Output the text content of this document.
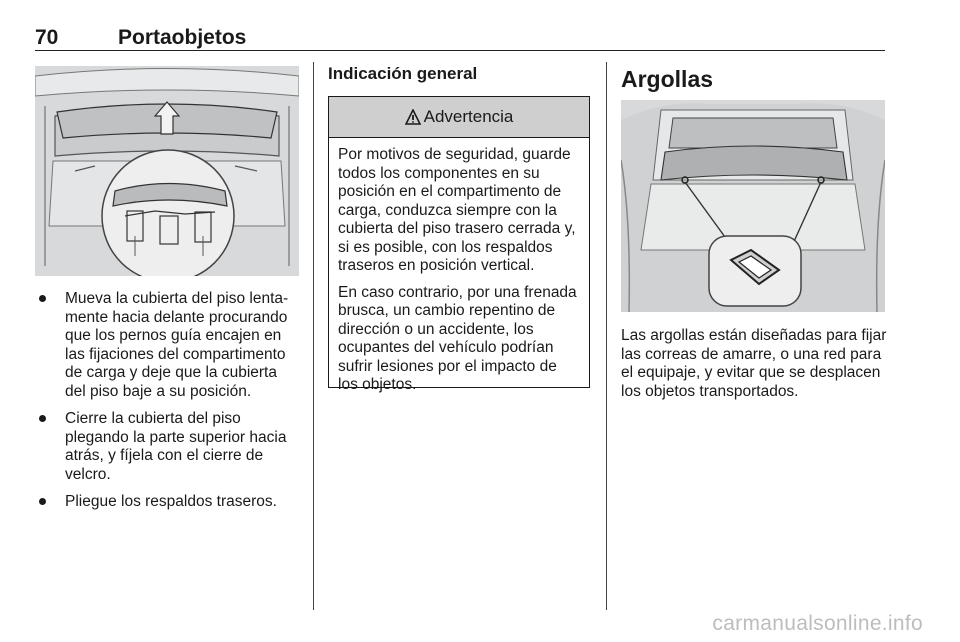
70	Portaobjetos
Mueva la cubierta del piso lenta-mente hacia delante procurando que los pernos guía encajen en las fijaciones del compartimento de carga y deje que la cubierta del piso baje a su posición.
Cierre la cubierta del piso plegando la parte superior hacia atrás, y fíjela con el cierre de velcro.
Pliegue los respaldos traseros.
Indicación general
Advertencia

Por motivos de seguridad, guarde todos los componentes en su posición en el compartimento de carga, conduzca siempre con la cubierta del piso trasero cerrada y, si es posible, con los respaldos traseros en posición vertical.

En caso contrario, por una frenada brusca, un cambio repentino de dirección o un accidente, los ocupantes del vehículo podrían sufrir lesiones por el impacto de los objetos.

Argollas

Las argollas están diseñadas para fijar las correas de amarre, o una red para el equipaje, y evitar que se desplacen los objetos transportados.

carmanualsonline.info
